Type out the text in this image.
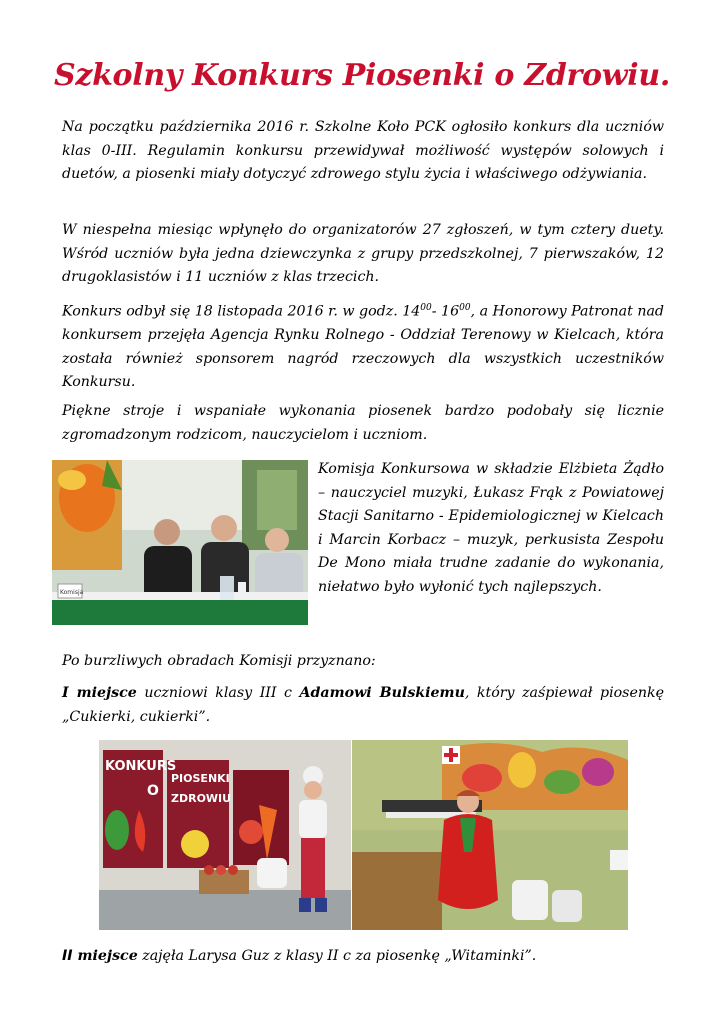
Szkolny Konkurs Piosenki o Zdrowiu.

Na początku października 2016 r. Szkolne Koło PCK ogłosiło konkurs dla uczniów klas 0-III. Regulamin konkursu przewidywał możliwość występów solowych i duetów, a piosenki miały dotyczyć zdrowego stylu życia i właściwego odżywiania.

W niespełna miesiąc wpłynęło do organizatorów 27 zgłoszeń, w tym cztery duety. Wśród uczniów była jedna dziewczynka z grupy przedszkolnej, 7 pierwszaków, 12 drugoklasistów i 11 uczniów z klas trzecich.

Konkurs odbył się 18 listopada 2016 r. w godz. $14^{00}-$ $16^{00}$, a Honorowy Patronat nad konkursem przejęła Agencja Rynku Rolnego - Oddział Terenowy w Kielcach, która została również sponsorem nagród rzeczowych dla wszystkich uczestników Konkursu.

Piękne stroje i wspaniałe wykonania piosenek bardzo podobały się licznie zgromadzonym rodzicom, nauczycielom i uczniom.

Komisja

Komisja Konkursowa w składzie Elżbieta Żądło – nauczyciel muzyki, Łukasz Frąk z Powiatowej Stacji Sanitarno - Epidemiologicznej w Kielcach i Marcin Korbacz – muzyk, perkusista Zespołu De Mono miała trudne zadanie do wykonania, niełatwo było wyłonić tych najlepszych.

Po burzliwych obradach Komisji przyznano:

I miejsce uczniowi klasy III c Adamowi Bulskiemu, który zaśpiewał piosenkę „Cukierki, cukierki”.

KONKURS
O
PIOSENKI
ZDROWIU

II miejsce zajęła Larysa Guz z klasy II c za piosenkę „Witaminki”.
